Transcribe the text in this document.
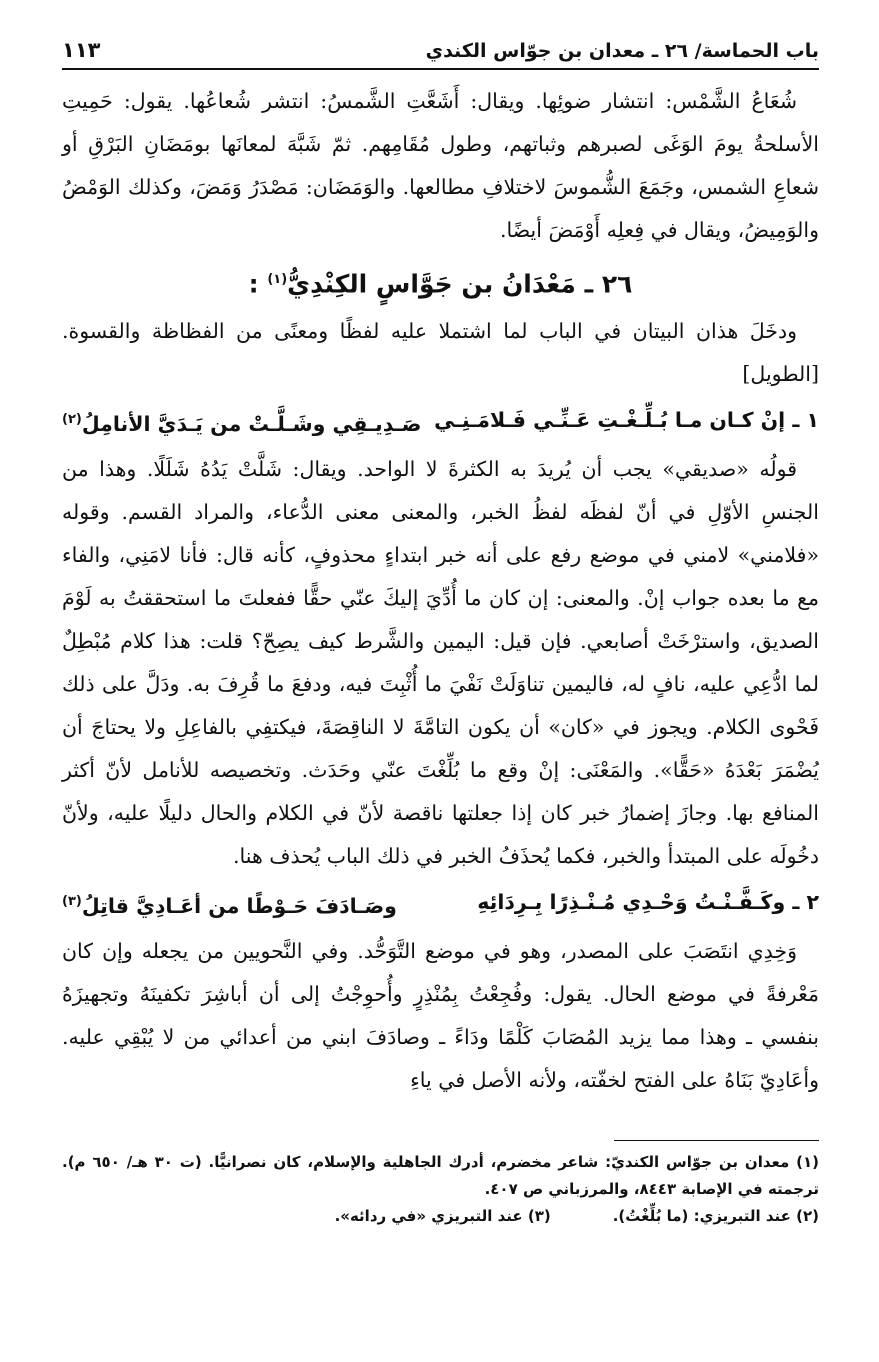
باب الحماسة/ ٢٦ ـ معدان بن جوّاس الكندي
١١٣

شُعَاعُ الشَّمْس: انتشار ضوئِها. ويقال: أَشَعَّتِ الشَّمسُ: انتشر شُعاعُها. يقول: حَمِيتِ الأسلحةُ يومَ الوَغَى لصبرهم وثباتهم، وطول مُقَامِهم. ثمّ شَبَّهَ لمعانَها بومَضَانِ البَرْقِ أو شعاعِ الشمس، وجَمَعَ الشُّموسَ لاختلافِ مطالعها. والوَمَضَان: مَصْدَرُ وَمَضَ، وكذلك الوَمْضُ والوَمِيضُ، ويقال في فِعلِه أَوْمَضَ أيضًا.

٢٦ ـ مَعْدَانُ بن جَوَّاسٍ الكِنْدِيُّ$^{(١)}$ :

ودخَلَ هذان البيتان في الباب لما اشتملا عليه لفظًا ومعنًى من الفظاظة والقسوة. [الطويل]

١ ـ إنْ كـان مـا بُـلِّـغْـتِ عَـنِّـي فَـلامَـنِـي
صَـدِيـقِي وشَـلَّـتْ من يَـدَيَّ الأنامِلُ$^{(٢)}$

قولُه «صديقي» يجب أن يُريدَ به الكثرةَ لا الواحد. ويقال: شَلَّتْ يَدُهُ شَلَلًا. وهذا من الجنسِ الأوّلِ في أنّ لفظَه لفظُ الخبر، والمعنى معنى الدُّعاء، والمراد القسم. وقوله «فلامني» لامني في موضع رفع على أنه خبر ابتداءٍ محذوفٍ، كأنه قال: فأنا لامَنِي، والفاء مع ما بعده جواب إنْ. والمعنى: إن كان ما أُدِّيَ إليكَ عنّي حقًّا ففعلتَ ما استحققتُ به لَوْمَ الصديق، واسترْخَتْ أصابعي. فإن قيل: اليمين والشَّرط كيف يصِحّ؟ قلت: هذا كلام مُبْطِلٌ لما ادُّعِي عليه، نافٍ له، فاليمين تناوَلَتْ نَفْيَ ما أُثْبِتَ فيه، ودفعَ ما قُرِفَ به. ودَلَّ على ذلك فَحْوى الكلام. ويجوز في «كان» أن يكون التامَّةَ لا الناقِصَةَ، فيكتفِي بالفاعِلِ ولا يحتاجَ أن يُضْمَرَ بَعْدَهُ «حَقًّا». والمَعْنَى: إنْ وقع ما بُلِّغْتَ عنّي وحَدَث. وتخصيصه للأنامل لأنّ أكثر المنافع بها. وجازَ إضمارُ خبر كان إذا جعلتها ناقصة لأنّ في الكلام والحال دليلًا عليه، ولأنّ دخُولَه على المبتدأ والخبر، فكما يُحذَفُ الخبر في ذلك الباب يُحذف هنا.

٢ ـ وكَـفَّـنْـتُ وَحْـدِي مُـنْـذِرًا بِـرِدَائِهِ
وصَـادَفَ حَـوْطًا من أعَـادِيَّ قاتِلُ$^{(٣)}$

وَخِدِي انتَصَبَ على المصدر، وهو في موضع التَّوَحُّد. وفي النَّحويين من يجعله وإن كان مَعْرفةً في موضع الحال. يقول: وفُجِعْتُ بِمُنْذِرٍ وأُحوِجْتُ إلى أن أباشِرَ تكفينَهُ وتجهيزَهُ بنفسي ـ وهذا مما يزيد المُصَابَ كَلْمًا ودَاءً ـ وصادَفَ ابني من أعدائي من لا يُبْقِي عليه. وأعَادِيّ بَنَاهُ على الفتح لخفّته، ولأنه الأصل في ياءِ

(١) معدان بن جوّاس الكنديّ: شاعر مخضرم، أدرك الجاهلية والإسلام، كان نصرانيًّا. (ت ٣٠ هـ/ ٦٥٠ م). ترجمته في الإصابة ٨٤٤٣، والمرزباني ص ٤٠٧.

(٢) عند التبريزي: (ما بُلِّغْتُ).
(٣) عند التبريزي «في ردائه».
